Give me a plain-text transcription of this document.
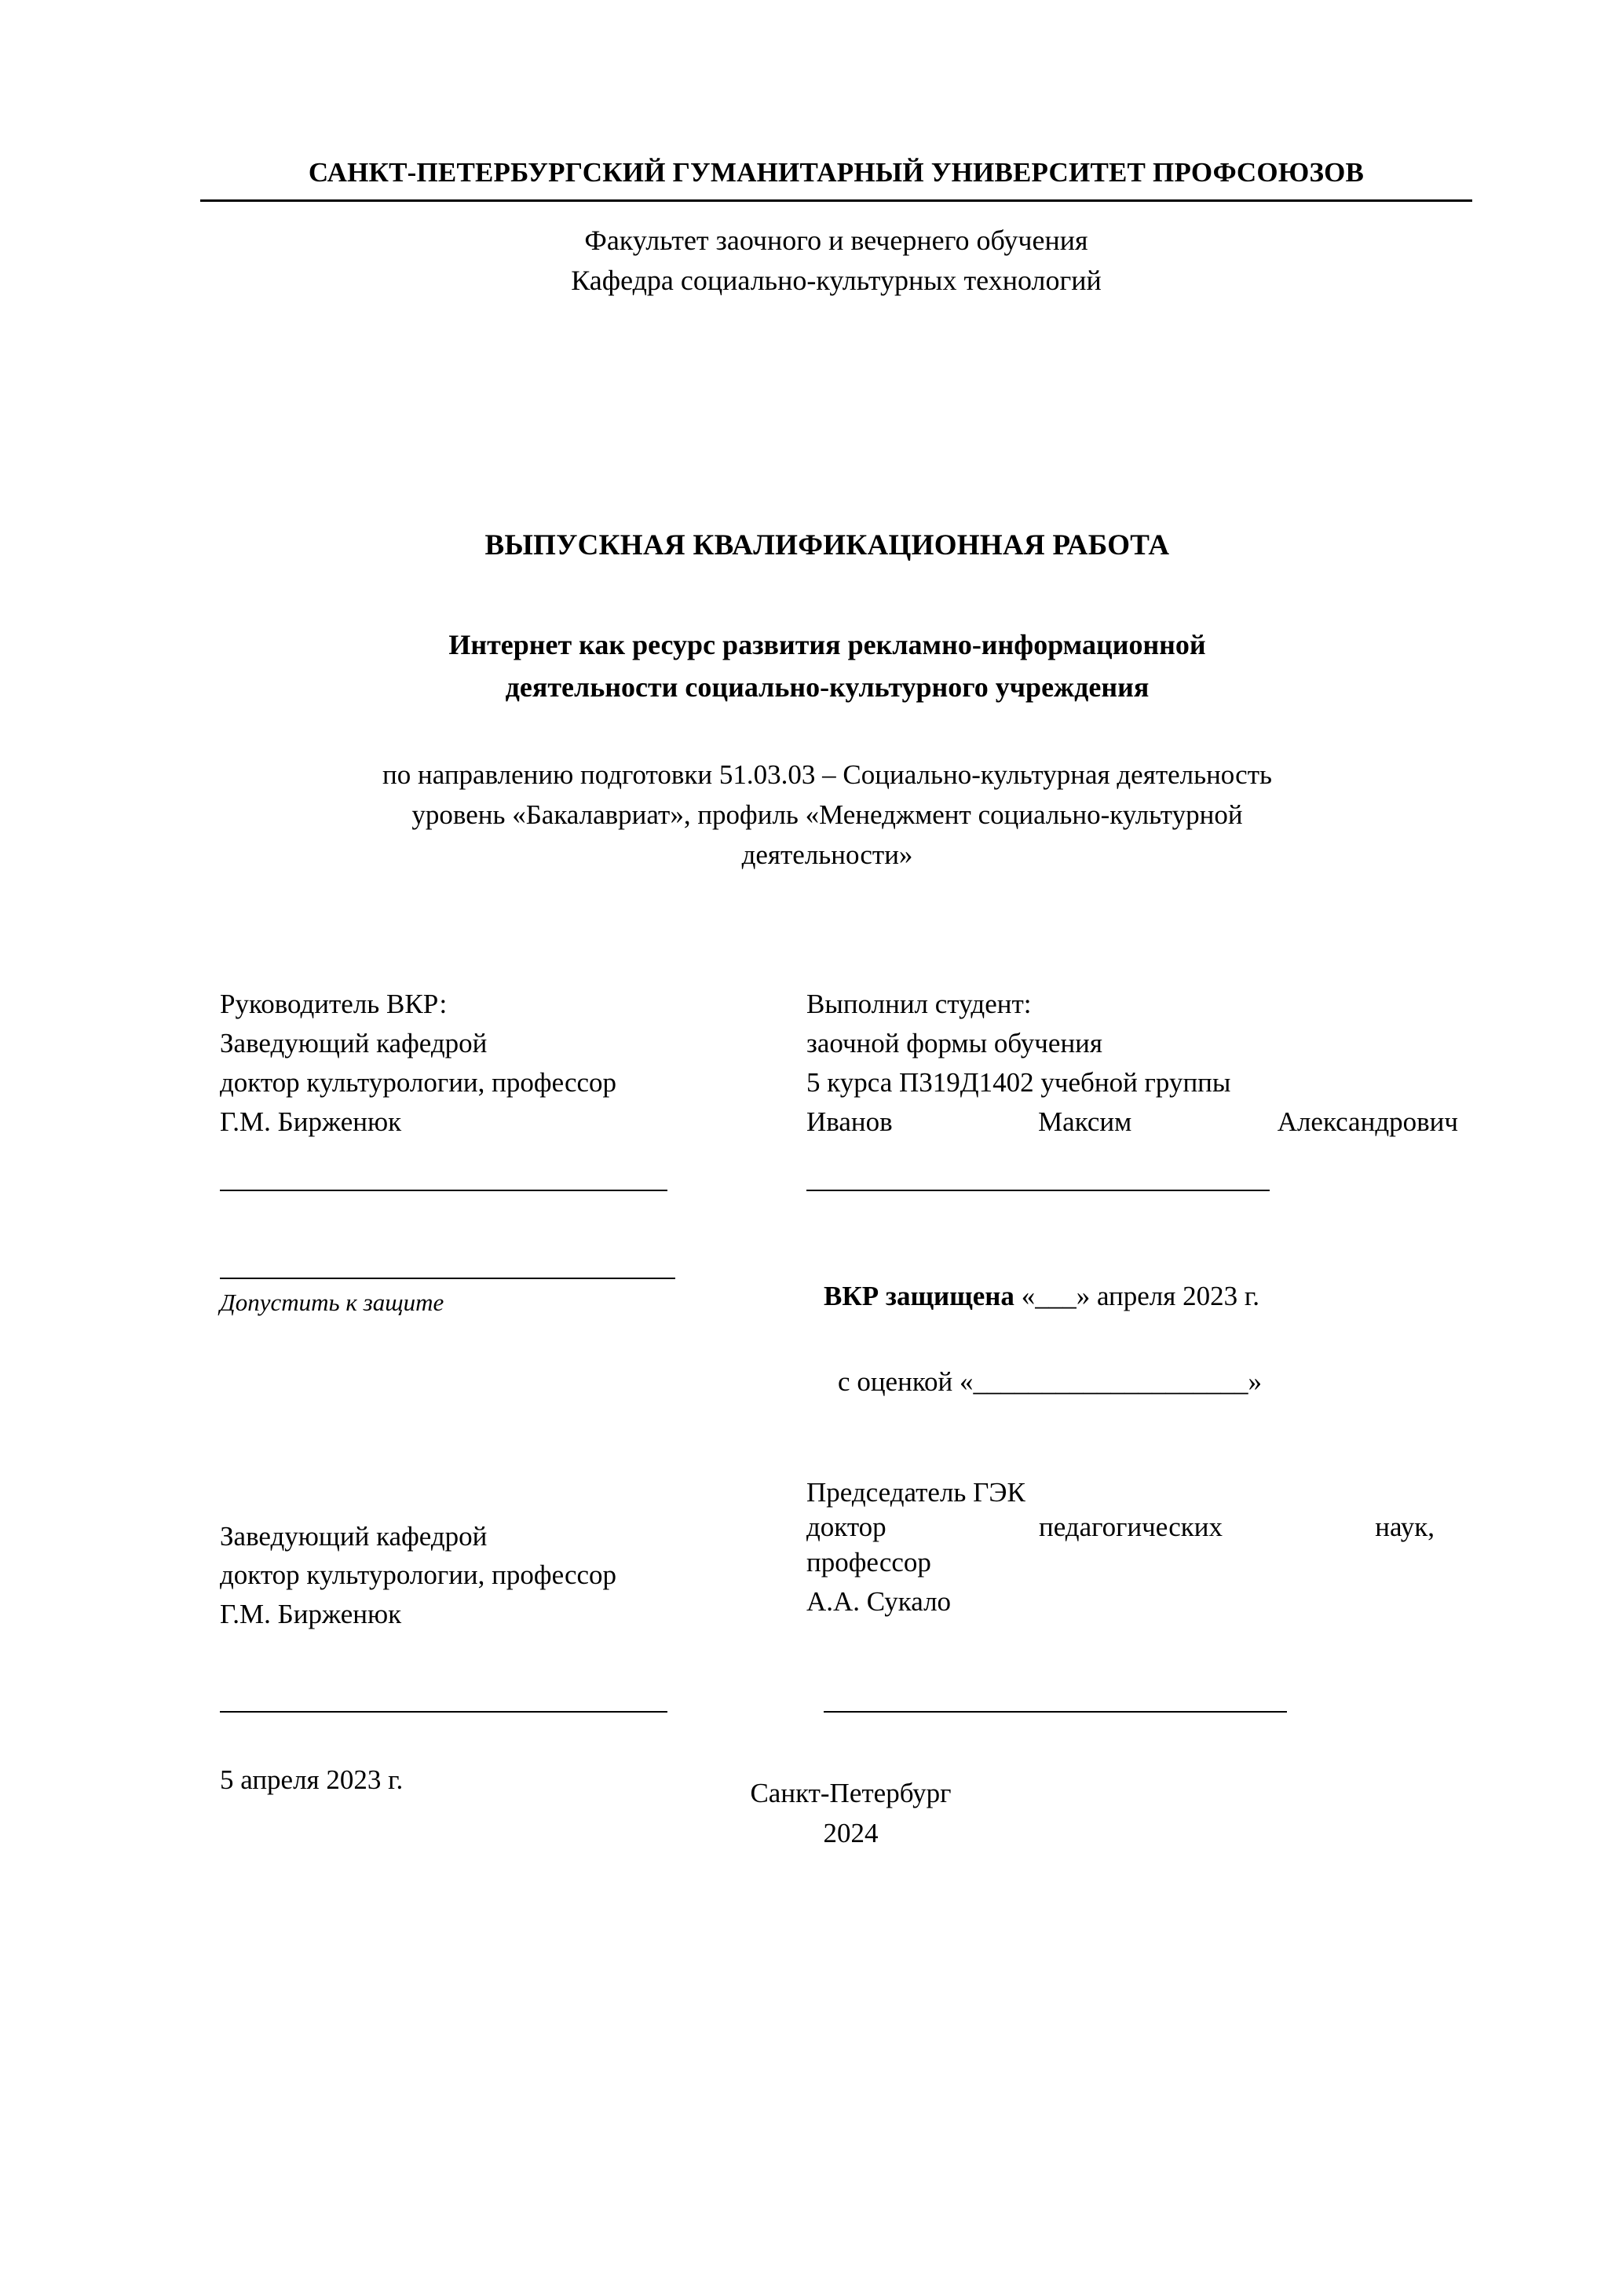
САНКТ-ПЕТЕРБУРГСКИЙ ГУМАНИТАРНЫЙ УНИВЕРСИТЕТ ПРОФСОЮЗОВ
Факультет заочного и вечернего обучения
Кафедра социально-культурных технологий
ВЫПУСКНАЯ КВАЛИФИКАЦИОННАЯ РАБОТА
Интернет как ресурс развития рекламно-информационной деятельности социально-культурного учреждения
по направлению подготовки 51.03.03 – Социально-культурная деятельность
уровень «Бакалавриат», профиль «Менеджмент социально-культурной
деятельности»
Руководитель ВКР:
Заведующий кафедрой
доктор культурологии, профессор
Г.М. Бирженюк
Выполнил студент:
заочной формы обучения
5 курса П319Д1402 учебной группы
Иванов	Максим	Александрович
Допустить к защите	ВКР защищена «___» апреля 2023 г.
с оценкой «____________________»
Заведующий кафедрой
доктор культурологии, профессор
Г.М. Бирженюк
Председатель ГЭК
доктор	педагогических	наук,
профессор
А.А. Сукало
5 апреля 2023 г.	Санкт-Петербург
2024
